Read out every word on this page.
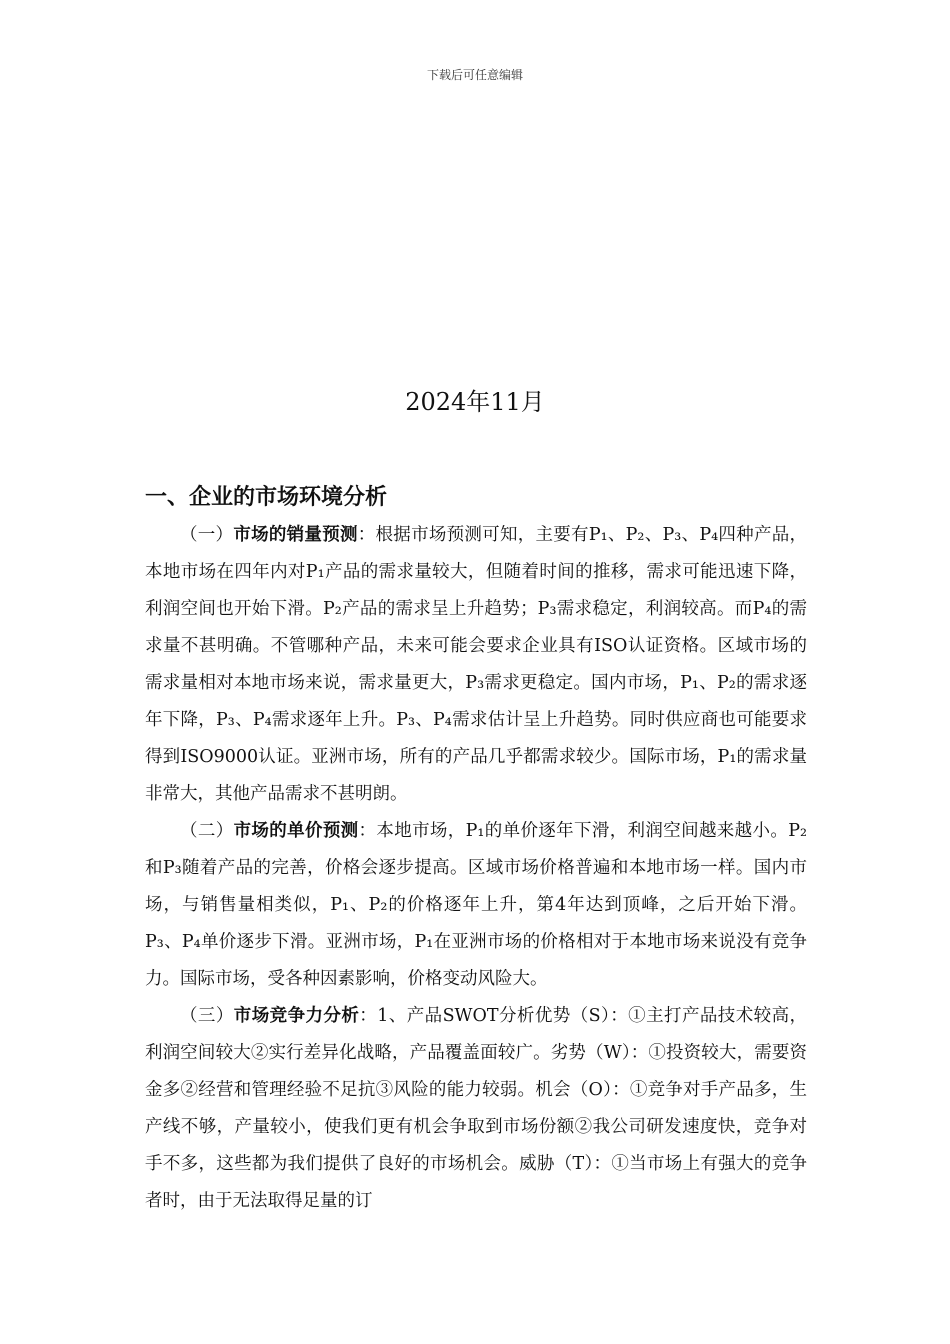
下载后可任意编辑
2024年11月
一、企业的市场环境分析

（一）市场的销量预测：根据市场预测可知，主要有P₁、P₂、P₃、P₄四种产品，本地市场在四年内对P₁产品的需求量较大，但随着时间的推移，需求可能迅速下降，利润空间也开始下滑。P₂产品的需求呈上升趋势；P₃需求稳定，利润较高。而P₄的需求量不甚明确。不管哪种产品，未来可能会要求企业具有ISO认证资格。区域市场的需求量相对本地市场来说，需求量更大，P₃需求更稳定。国内市场，P₁、P₂的需求逐年下降，P₃、P₄需求逐年上升。P₃、P₄需求估计呈上升趋势。同时供应商也可能要求得到ISO9000认证。亚洲市场，所有的产品几乎都需求较少。国际市场，P₁的需求量非常大，其他产品需求不甚明朗。

（二）市场的单价预测：本地市场，P₁的单价逐年下滑，利润空间越来越小。P₂和P₃随着产品的完善，价格会逐步提高。区域市场价格普遍和本地市场一样。国内市场，与销售量相类似，P₁、P₂的价格逐年上升，第4年达到顶峰，之后开始下滑。P₃、P₄单价逐步下滑。亚洲市场，P₁在亚洲市场的价格相对于本地市场来说没有竞争力。国际市场，受各种因素影响，价格变动风险大。

（三）市场竞争力分析：1、产品SWOT分析优势（S）：①主打产品技术较高，利润空间较大②实行差异化战略，产品覆盖面较广。劣势（W）：①投资较大，需要资金多②经营和管理经验不足抗③风险的能力较弱。机会（O）：①竞争对手产品多，生产线不够，产量较小，使我们更有机会争取到市场份额②我公司研发速度快，竞争对手不多，这些都为我们提供了良好的市场机会。威胁（T）：①当市场上有强大的竞争者时，由于无法取得足量的订
